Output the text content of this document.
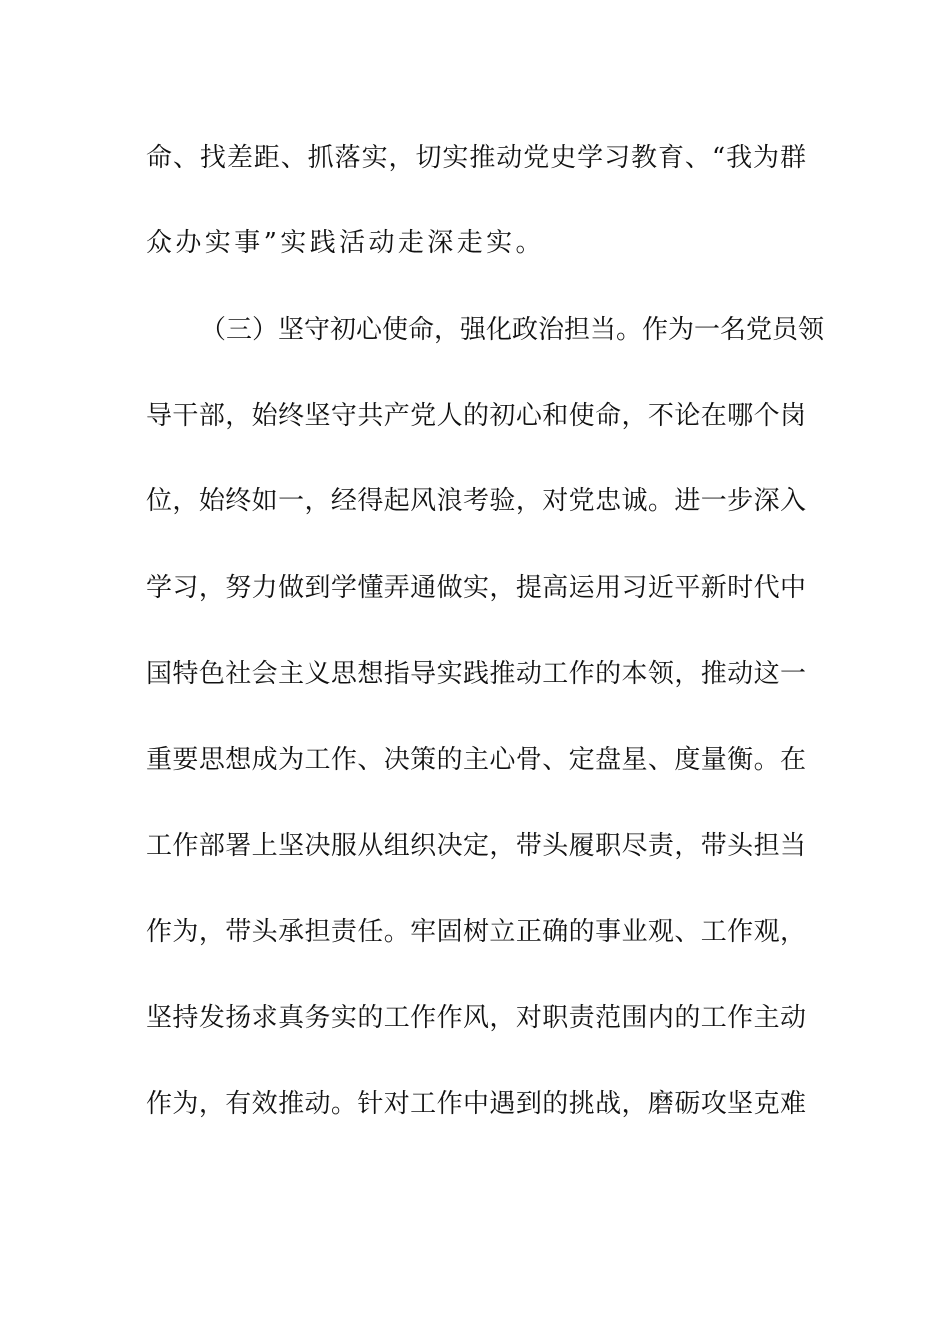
命、找差距、抓落实，切实推动党史学习教育、“我为群
众办实事”实践活动走深走实。
（三）坚守初心使命，强化政治担当。作为一名党员领
导干部，始终坚守共产党人的初心和使命，不论在哪个岗
位，始终如一，经得起风浪考验，对党忠诚。进一步深入
学习，努力做到学懂弄通做实，提高运用习近平新时代中
国特色社会主义思想指导实践推动工作的本领，推动这一
重要思想成为工作、决策的主心骨、定盘星、度量衡。在
工作部署上坚决服从组织决定，带头履职尽责，带头担当
作为，带头承担责任。牢固树立正确的事业观、工作观，
坚持发扬求真务实的工作作风，对职责范围内的工作主动
作为，有效推动。针对工作中遇到的挑战，磨砺攻坚克难
